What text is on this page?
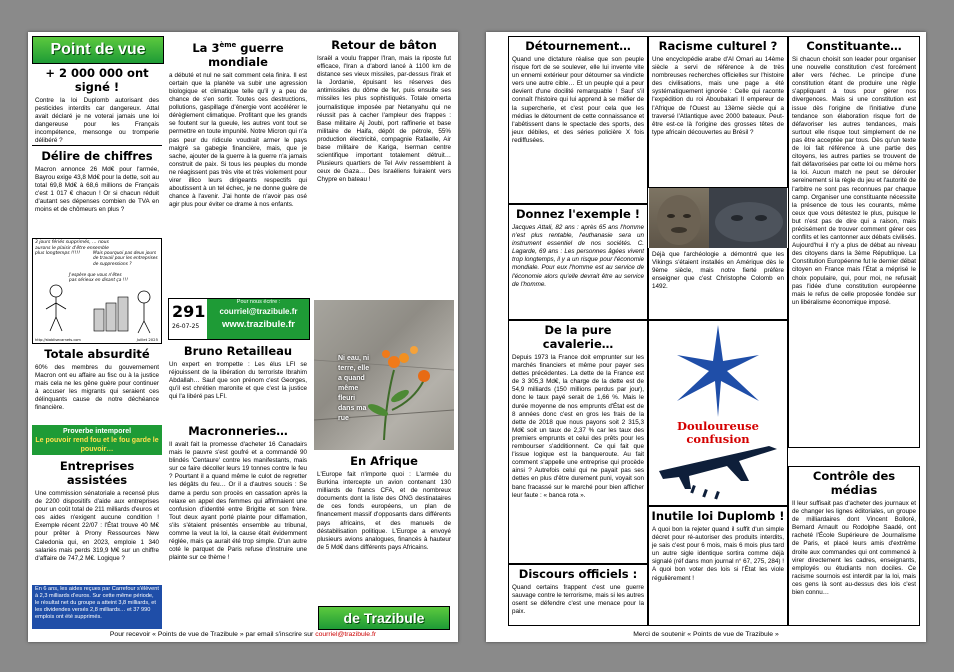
Point de vue
+ 2 000 000 ont signé !

Contre la loi Duplomb autorisant des pesticides interdits car dangereux. Attal avait déclaré je ne voterai jamais une loi dangereuse pour les Français incompétence, mensonge ou tromperie délibéré ?

Délire de chiffres

Macron annonce 26 Md€ pour l'armée, Bayrou exige 43,8 Md€ pour la dette, soit au total 69,8 Md€ à 68,6 millions de Français c'est 1 017 € chacun ! Or si chacun réduit d'autant ses dépenses combien de TVA en moins et de chômeurs en plus ?

3 jours fériés supprimés, … nous aurons le plaisir d'être ensemble plus longtemps !!!!!	Mais pourquoi pas deux jours de travail pour les entreprises de suppressions ?
J'espère que vous n'êtes pas sérieux en disant ça !!!
http://stablisecarnets.com	Juillet 2025
Totale absurdité

60% des membres du gouvernement Macron ont eu affaire au fisc ou à la justice mais cela ne les gêne guère pour continuer à accuser les migrants qui seraient ces délinquants cause de notre déchéance financière.

Proverbe intemporel
Le pouvoir rend fou et le fou garde le pouvoir…
Entreprises assistées

Une commission sénatoriale a recensé plus de 2200 dispositifs d'aide aux entreprises pour un coût total de 211 milliards d'euros et ces aides n'exigent aucune condition ! Exemple récent 22/07 : l'État trouve 40 M€ pour prêter à Prony Ressources New Caledonia qui, en 2023, emploie 1 340 salariés mais perds 319,9 M€ sur un chiffre d'affaire de 747,2 M€. Logique ?

En 6 ans, les aides reçues par Carrefour s'élèvent à 2,3 milliards d'euros. Sur cette même période, le résultat net du groupe a atteint 3,8 milliards, et les dividendes versés 2,8 milliards… et 37 990 emplois ont été supprimés.
La 3ème guerre mondiale

a débuté et nul ne sait comment cela finira. Il est certain que la planète va subir une agression biologique et climatique telle qu'il y a peu de chance de s'en sortir. Toutes ces destructions, pollutions, gaspillage d'énergie vont accélérer le dérèglement climatique. Profitant que les grands se foutent sur la gueule, les autres vont tout se permettre en toute impunité. Notre Micron qui n'a pas peur du ridicule voudrait armer le pays malgré sa gabegie financière, mais, que je sache, ajouter de la guerre à la guerre n'a jamais construit de paix. Si tous les peuples du monde ne réagissent pas très vite et très violement pour virer illico leurs dirigeants respectifs qui aboutissent à un tel échec, je ne donne guère de chance à l'avenir. J'ai honte de n'avoir pas osé agir plus pour éviter ce drame à nos enfants.

291
26-07-25
Pour nous écrire :
courriel@trazibule.fr
www.trazibule.fr
Bruno Retailleau

Un expert en trompette : Les élus LFI se réjouissent de la libération du terroriste Ibrahim Abdallah… Sauf que son prénom c'est Georges, qu'il est chrétien maronite et que c'est la justice qui l'a libéré pas LFI.

Macronneries…

Il avait fait la promesse d'acheter 16 Canadairs mais le pauvre s'est goufré et a commandé 90 blindés 'Centaure' contre les manifestants, mais sur ce faire décoller leurs 19 tonnes contre le feu ? Pourtant il a quand même le culot de regretter les dégâts du feu… Or il a d'autres soucis : Se dame a perdu son procès en cassation après la relaxe en appel des femmes qui affirmaient une confusion d'identité entre Brigitte et son frère. Tout deux ayant porté plainte pour diffamation, s'ils s'étaient présentés ensemble au tribunal, comme la veut la loi, la cause était évidemment réglée, mais ça aurait été trop simple. D'un autre coté le parquet de Paris refuse d'instruire une plainte sur ce thème !

Retour de bâton

Israël a voulu frapper l'Iran, mais la riposte fut efficace, l'Iran a d'abord lancé à 1100 km de distance ses vieux missiles, par-dessus l'Irak et la Jordanie, épuisant les réserves des antimissiles du dôme de fer, puis ensuite ses missiles les plus sophistiqués. Totale omerta journalistique imposée par Netanyahu qui ne réussit pas à cacher l'ampleur des frappes : Base militaire Aj Joubi, port raffinerie et base militaire de Haifa, dépôt de pétrole, 55% production électricité, compagnie Rafaelle, Air base militaire de Kariga, Iserman centre scientifique important totalement détruit… Plusieurs quartiers de Tel Aviv ressemblent à ceux de Gaza… Des Israéliens fuiraient vers Chypre en bateau !

Ni eau, ni terre, elle a quand même fleuri dans ma rue
En Afrique

L'Europe fait n'importe quoi : L'armée du Burkina intercepte un avion contenant 130 milliards de francs CFA, et de nombreux documents dont la liste des ONG destinataires de ces fonds européens, un plan de financement massif d'opposants dans différents pays africains, et des manuels de déstabilisation politique. L'Europe a envoyé plusieurs avions analogues, financés à hauteur de 5 Md€ dans différents pays Africains.

de Trazibule
Pour recevoir « Points de vue de Trazibule » par email s'inscrire sur courriel@trazibule.fr
Détournement…

Quand une dictature réalise que son peuple risque fort de se soulever, elle lui invente vite un ennemi extérieur pour détourner sa vindicte vers une autre cible… Et un peuple qui a peur devient d'une docilité remarquable ! Sauf s'il connaît l'histoire qui lui apprend à se méfier de la supercherie, et c'est pour cela que les médias le détournent de cette connaissance et l'abêtissent dans le spectacle des sports, des jeux débiles, et des séries policière X fois rediffusées.

Donnez l'exemple !

Jacques Attali, 82 ans : après 65 ans l'homme n'est plus rentable, l'euthanasie sera un instrument essentiel de nos sociétés. C. Lagarde, 69 ans : Les personnes âgées vivent trop longtemps, il y a un risque pour l'économie mondiale. Pour eux l'homme est au service de l'économie alors qu'elle devrait être au service de l'homme.

De la pure cavalerie…

Depuis 1973 la France doit emprunter sur les marchés financiers et même pour payer ses dettes précédentes. La dette de la France est de 3 305,3 Md€, la charge de la dette est de 54,9 milliards (150 millions perdus par jour), donc le taux payé serait de 1,66 %. Mais le durée moyenne de nos emprunts d'État est de 8 années donc c'est en gros les frais de la dette de 2018 que nous payons soit 2 315,3 Md€ soit un taux de 2,37 % car les taux des premiers emprunts et celui des prêts pour les rembourser s'additionnent. Ce qui fait que l'issue logique est la banqueroute. Au fait comment s'appelle une entreprise qui procède ainsi ? Autrefois celui qui ne payait pas ses dettes en plus d'être durement puni, voyait son banc fracassé sur le marché pour bien afficher leur faute : « banca rota ».

Discours officiels :

Quand certains frappent c'est une guerre sauvage contre le terrorisme, mais si les autres osent se défendre c'est une menace pour la paix.

Racisme culturel ?

Une encyclopédie arabe d'Al Omari au 14ème siècle a servi de référence à de très nombreuses recherches officielles sur l'histoire des civilisations, mais une page a été systématiquement ignorée : Celle qui raconte l'expédition du roi Aboubakari II empereur de l'Afrique de l'Ouest au 13ème siècle qui a traversé l'Atlantique avec 2000 bateaux. Peut-être est-ce là l'origine des grosses têtes de type africain découvertes au Brésil ?

Déjà que l'archéologie a démontré que les Vikings s'étaient installés en Amérique dès le 9ème siècle, mais notre fierté préfère enseigner que c'est Christophe Colomb en 1492.

Douloureuse
confusion
Inutile loi Duplomb !

A quoi bon la rejeter quand il suffit d'un simple décret pour ré-autoriser des produits interdits, je sais c'est pour 6 mois, mais 6 mois plus tard un autre sigle identique sortira comme déjà signalé (réf dans mon journal n° 67, 275, 284) ! A quoi bon voter des lois si l'État les viole régulièrement !

Constituante…

Si chacun choisit son leader pour organiser une nouvelle constitution c'est forcément aller vers l'échec. Le principe d'une constitution étant de produire une règle s'appliquant à tous pour gérer nos divergences. Mais si une constitution est issue dès l'origine de l'initiative d'une tendance son élaboration risque fort de défavoriser les autres tendances, mais surtout elle risque tout simplement de ne pas être acceptée par tous. Dès qu'un texte de loi fait référence à une partie des citoyens, les autres parties se trouvent de fait défavorisées par cette loi ou même hors la loi. Aucun match ne peut se dérouler sereinement si la règle du jeu et l'autorité de l'arbitre ne sont pas reconnues par chaque camp. Organiser une constituante nécessite la présence de tous les courants, même ceux que vous détestez le plus, puisque le but n'est pas de dire qui a raison, mais précisément de trouver comment gérer ces conflits et les cantonner aux débats civilisés. Aujourd'hui il n'y a plus de débat au niveau des citoyens dans la 3ème République. La Constitution Européenne fut le dernier débat citoyen en France mais l'État a méprisé le choix populaire, qui, pour moi, ne refusait pas l'idée d'une constitution européenne mais le refus de celle proposée fondée sur un libéralisme économique imposé.

Contrôle des médias

Il leur suffisait pas d'acheter des journaux et de changer les lignes éditoriales, un groupe de milliardaires dont Vincent Bolloré, Bernard Arnault ou Rodolphe Saadé, ont racheté l'École Supérieure de Journalisme de Paris, et placé leurs amis d'extrême droite aux commandes qui ont commencé à virer directement les cadres, enseignants, employés ou étudiants non dociles. Ce racisme sournois est interdit par la loi, mais ces gens là sont au-dessus des lois c'est bien connu…

Merci de soutenir « Points de vue de Trazibule »
